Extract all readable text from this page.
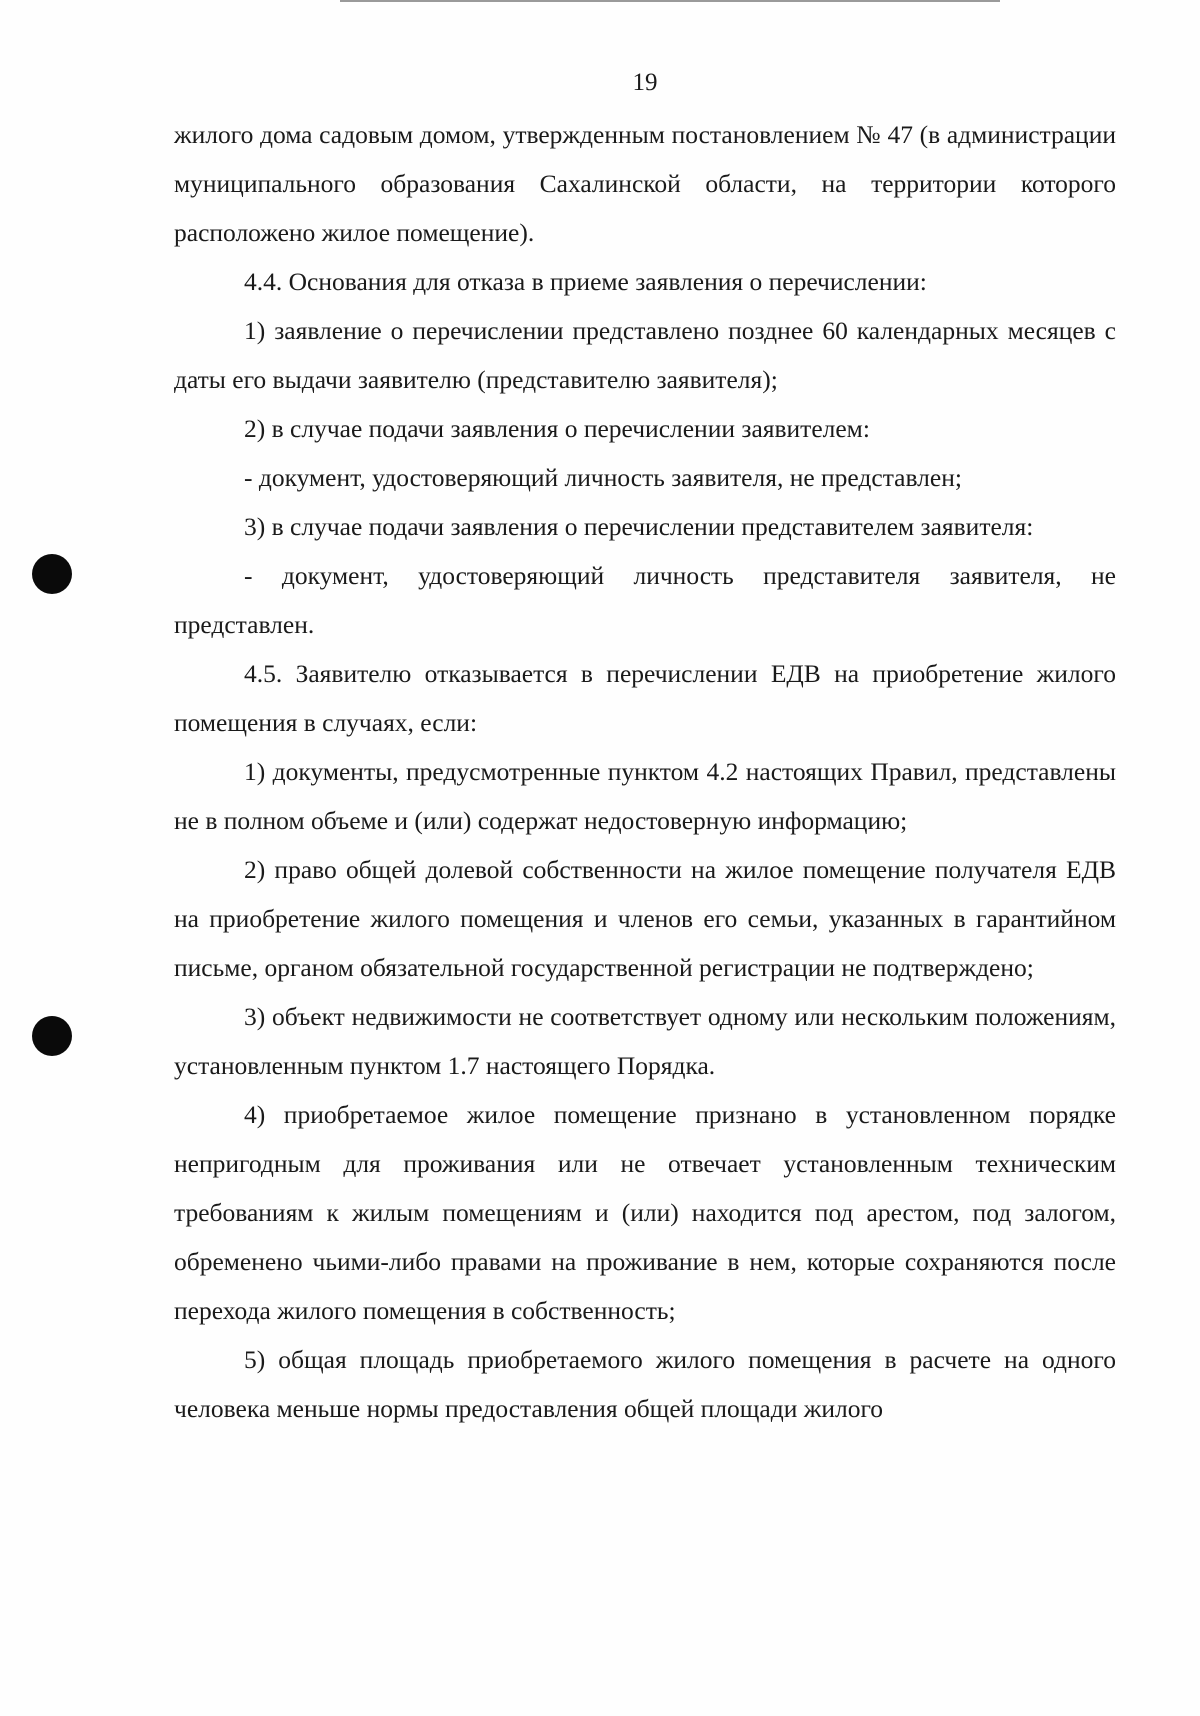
19

жилого дома садовым домом, утвержденным постановлением № 47 (в администрации муниципального образования Сахалинской области, на территории которого расположено жилое помещение).

4.4. Основания для отказа в приеме заявления о перечислении:

1) заявление о перечислении представлено позднее 60 календарных месяцев с даты его выдачи заявителю (представителю заявителя);

2) в случае подачи заявления о перечислении заявителем:

- документ, удостоверяющий личность заявителя, не представлен;

3) в случае подачи заявления о перечислении представителем заявителя:

- документ, удостоверяющий личность представителя заявителя, не представлен.

4.5. Заявителю отказывается в перечислении ЕДВ на приобретение жилого помещения в случаях, если:

1) документы, предусмотренные пунктом 4.2 настоящих Правил, представлены не в полном объеме и (или) содержат недостоверную информацию;

2) право общей долевой собственности на жилое помещение получателя ЕДВ на приобретение жилого помещения и членов его семьи, указанных в гарантийном письме, органом обязательной государственной регистрации не подтверждено;

3) объект недвижимости не соответствует одному или нескольким положениям, установленным пунктом 1.7 настоящего Порядка.

4) приобретаемое жилое помещение признано в установленном порядке непригодным для проживания или не отвечает установленным техническим требованиям к жилым помещениям и (или) находится под арестом, под залогом, обременено чьими-либо правами на проживание в нем, которые сохраняются после перехода жилого помещения в собственность;

5) общая площадь приобретаемого жилого помещения в расчете на одного человека меньше нормы предоставления общей площади жилого
